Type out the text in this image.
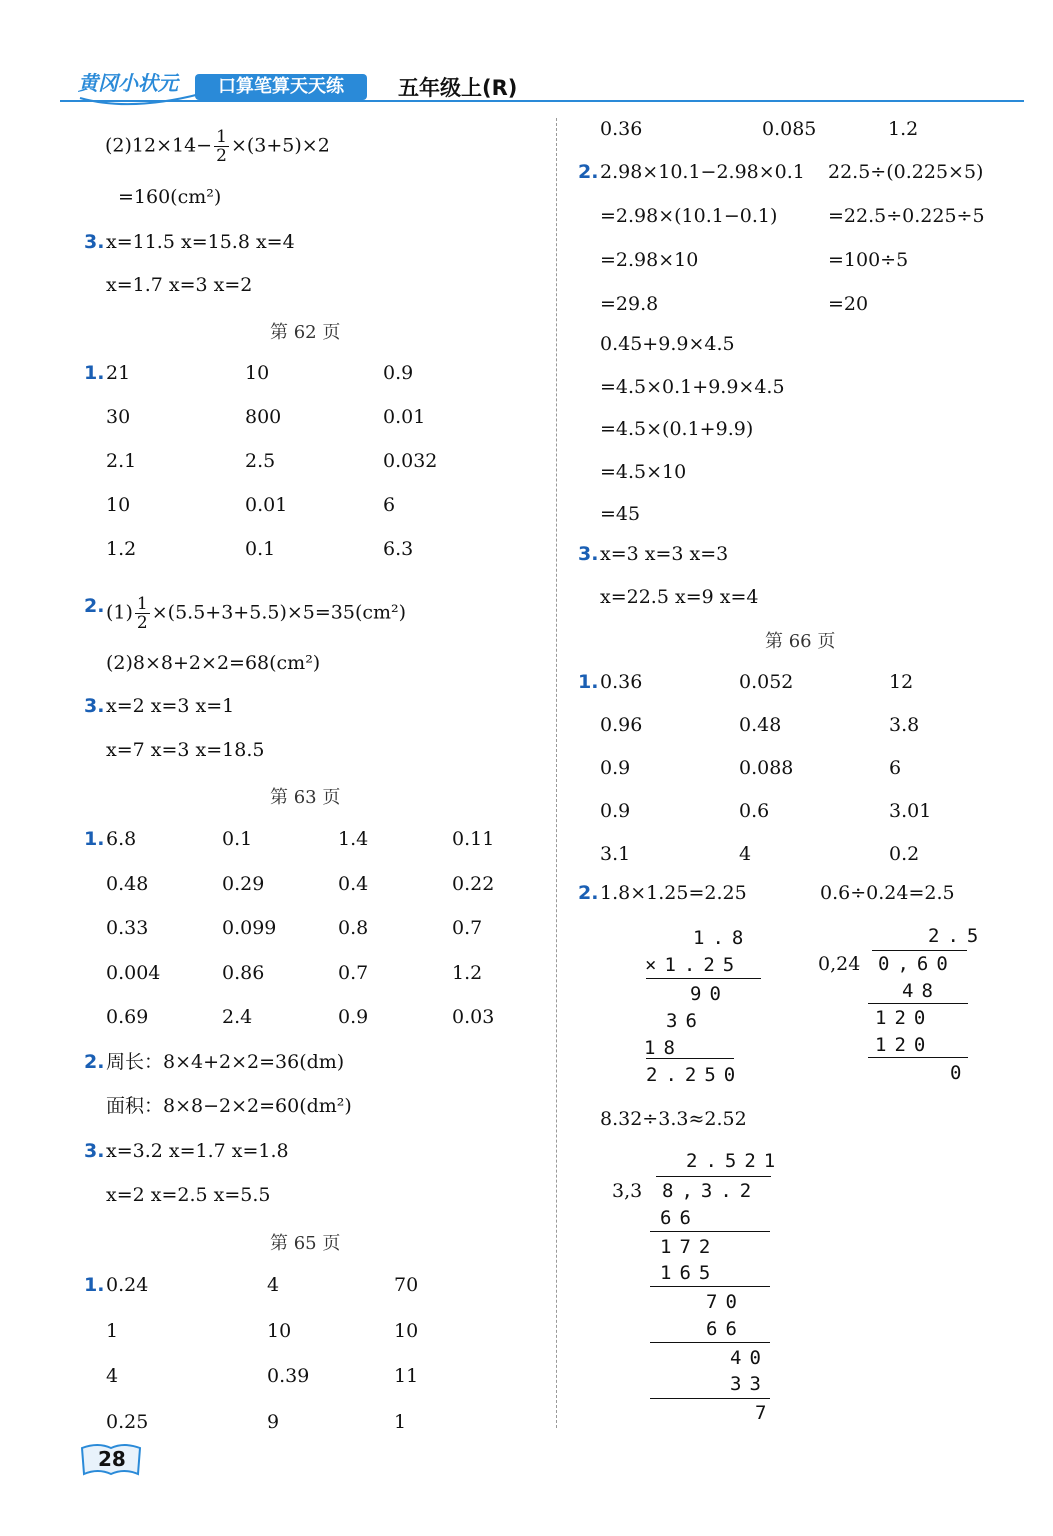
黄冈小状元	口算笔算天天练	五年级上(R)
$(2)12\times 14- \frac{1}{2} \times(3+5)\times 2$
=160(cm²)
3. x=11.5 x=15.8 x=4
x=1.7 x=3 x=2
第 62 页
1. 21	10	0.9
30	800	0.01
2.1	2.5	0.032
10	0.01	6
1.2	0.1	6.3
2. $(1) \frac{1}{2} \times(5.5+3+5.5)\times 5=35(cm^2)$
(2)8×8+2×2=68(cm²)
3. x=2 x=3 x=1
x=7 x=3 x=18.5
第 63 页
1. 6.8	0.1	1.4	0.11
0.48	0.29	0.4	0.22
0.33	0.099	0.8	0.7
0.004	0.86	0.7	1.2
0.69	2.4	0.9	0.03
2. 周长：8×4+2×2=36(dm)
面积：8×8−2×2=60(dm²)
3. x=3.2 x=1.7 x=1.8
x=2 x=2.5 x=5.5
第 65 页
1. 0.24	4	70
1	10	10
4	0.39	11
0.25	9	1
0.36	0.085	1.2
2. 2.98×10.1−2.98×0.1
=2.98×(10.1−0.1)
=2.98×10
=29.8
22.5÷(0.225×5)
=22.5÷0.225÷5
=100÷5
=20
0.45+9.9×4.5
=4.5×0.1+9.9×4.5
=4.5×(0.1+9.9)
=4.5×10
=45
3. x=3 x=3 x=3
x=22.5 x=9 x=4
第 66 页
1. 0.36	0.052	12
0.96	0.48	3.8
0.9	0.088	6
0.9	0.6	3.01
3.1	4	0.2
2. 1.8×1.25=2.25	0.6÷0.24=2.5
1.8
×1.25
90
36
18
2.250
2.5
0,24 0,60
48
120
120
0
8.32÷3.3≈2.52
2.521
3,3 8,3.2
66
172
165
70
66
40
33
7
28
